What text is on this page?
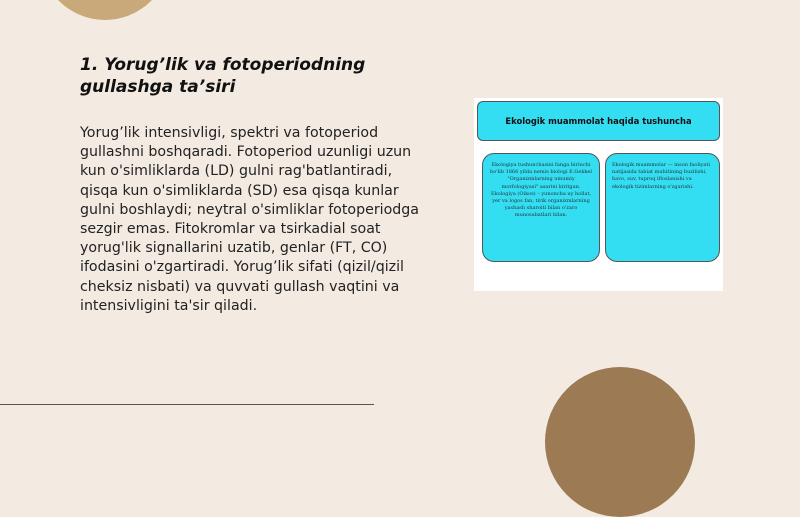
1. Yorug’lik va fotoperiodning gullashga ta’siri

Yorug’lik intensivligi, spektri va fotoperiod gullashni boshqaradi. Fotoperiod uzunligi uzun kun o'simliklarda (LD) gulni rag'batlantiradi, qisqa kun o'simliklarda (SD) esa qisqa kunlar gulni boshlaydi; neytral o'simliklar fotoperiodga sezgir emas. Fitokromlar va tsirkadial soat yorug'lik signallarini uzatib, genlar (FT, CO) ifodasini o'zgartiradi. Yorug’lik sifati (qizil/qizil cheksiz nisbati) va quvvati gullash vaqtini va intensivligini ta'sir qiladi.

Ekologik muammolat haqida tushuncha

Ekologiya tushunchasini fanga birinchi bo'lib 1866 yilda nemis biologi E.Gekkel "Organizmlarning umumiy morfologiyasi" asarini kiritgan. Ekologiya (Oikos) – yunoncha uy hollat, yer va logos fan, tirik organizmlarning yashash sharoiti bilan o'zaro munosabatlari bilan.

Ekologik muammolar — inson faoliyati natijasida tabiat muhitining buzilishi, havo, suv, tuproq ifloslanishi va ekologik tizimlarning o'zgarishi.
